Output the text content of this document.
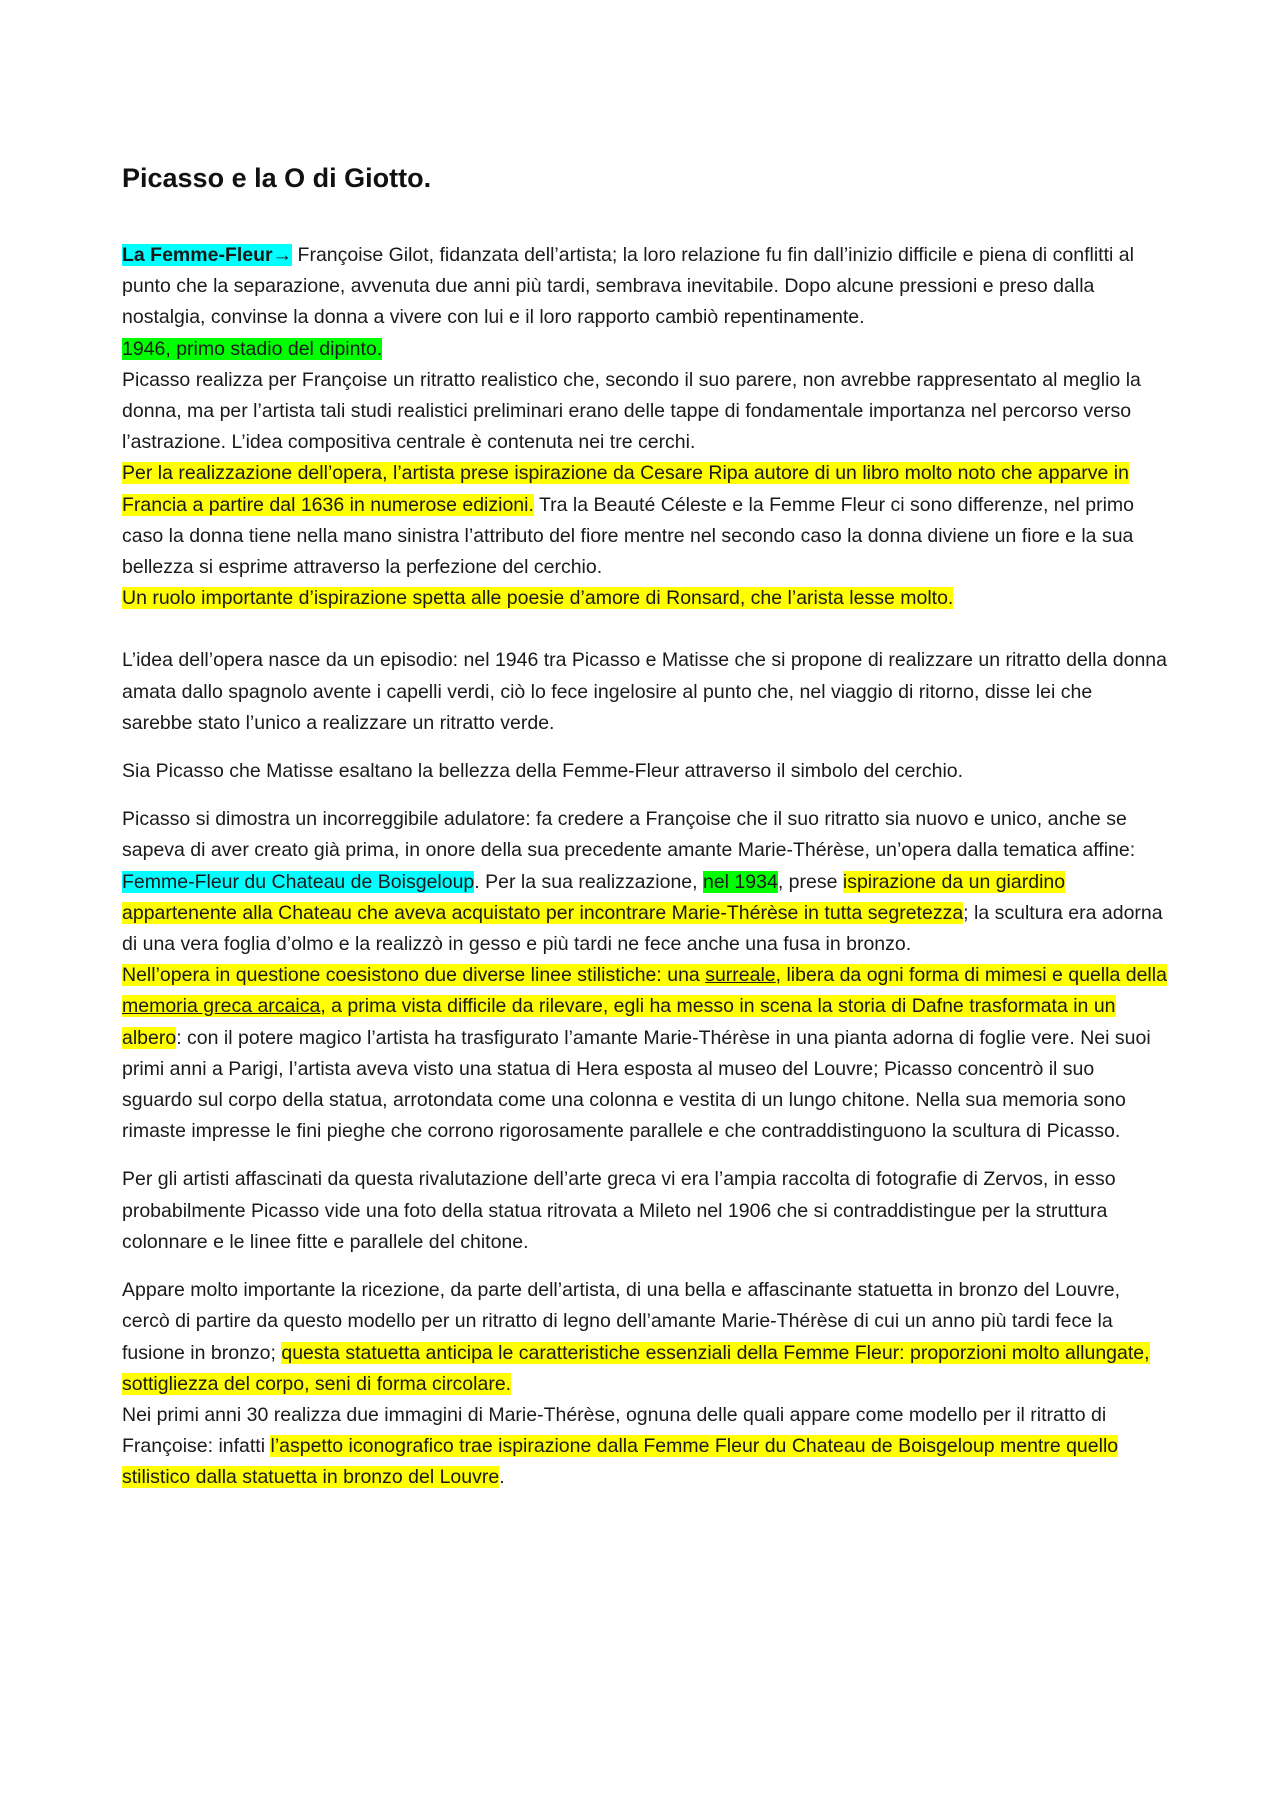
Picasso e la O di Giotto.

La Femme-Fleur→ Françoise Gilot, fidanzata dell’artista; la loro relazione fu fin dall’inizio difficile e piena di conflitti al punto che la separazione, avvenuta due anni più tardi, sembrava inevitabile. Dopo alcune pressioni e preso dalla nostalgia, convinse la donna a vivere con lui e il loro rapporto cambiò repentinamente.

1946, primo stadio del dipinto.

Picasso realizza per Françoise un ritratto realistico che, secondo il suo parere, non avrebbe rappresentato al meglio la donna, ma per l’artista tali studi realistici preliminari erano delle tappe di fondamentale importanza nel percorso verso l’astrazione. L’idea compositiva centrale è contenuta nei tre cerchi.

Per la realizzazione dell’opera, l’artista prese ispirazione da Cesare Ripa autore di un libro molto noto che apparve in Francia a partire dal 1636 in numerose edizioni. Tra la Beauté Céleste e la Femme Fleur ci sono differenze, nel primo caso la donna tiene nella mano sinistra l’attributo del fiore mentre nel secondo caso la donna diviene un fiore e la sua bellezza si esprime attraverso la perfezione del cerchio.

Un ruolo importante d’ispirazione spetta alle poesie d’amore di Ronsard, che l’arista lesse molto.

L’idea dell’opera nasce da un episodio: nel 1946 tra Picasso e Matisse che si propone di realizzare un ritratto della donna amata dallo spagnolo avente i capelli verdi, ciò lo fece ingelosire al punto che, nel viaggio di ritorno, disse lei che sarebbe stato l’unico a realizzare un ritratto verde.

Sia Picasso che Matisse esaltano la bellezza della Femme-Fleur attraverso il simbolo del cerchio.

Picasso si dimostra un incorreggibile adulatore: fa credere a Françoise che il suo ritratto sia nuovo e unico, anche se sapeva di aver creato già prima, in onore della sua precedente amante Marie-Thérèse, un’opera dalla tematica affine: Femme-Fleur du Chateau de Boisgeloup. Per la sua realizzazione, nel 1934, prese ispirazione da un giardino appartenente alla Chateau che aveva acquistato per incontrare Marie-Thérèse in tutta segretezza; la scultura era adorna di una vera foglia d’olmo e la realizzò in gesso e più tardi ne fece anche una fusa in bronzo.

Nell’opera in questione coesistono due diverse linee stilistiche: una surreale, libera da ogni forma di mimesi e quella della memoria greca arcaica, a prima vista difficile da rilevare, egli ha messo in scena la storia di Dafne trasformata in un albero: con il potere magico l’artista ha trasfigurato l’amante Marie-Thérèse in una pianta adorna di foglie vere. Nei suoi primi anni a Parigi, l’artista aveva visto una statua di Hera esposta al museo del Louvre; Picasso concentrò il suo sguardo sul corpo della statua, arrotondata come una colonna e vestita di un lungo chitone. Nella sua memoria sono rimaste impresse le fini pieghe che corrono rigorosamente parallele e che contraddistinguono la scultura di Picasso.

Per gli artisti affascinati da questa rivalutazione dell’arte greca vi era l’ampia raccolta di fotografie di Zervos, in esso probabilmente Picasso vide una foto della statua ritrovata a Mileto nel 1906 che si contraddistingue per la struttura colonnare e le linee fitte e parallele del chitone.

Appare molto importante la ricezione, da parte dell’artista, di una bella e affascinante statuetta in bronzo del Louvre, cercò di partire da questo modello per un ritratto di legno dell’amante Marie-Thérèse di cui un anno più tardi fece la fusione in bronzo; questa statuetta anticipa le caratteristiche essenziali della Femme Fleur: proporzioni molto allungate, sottigliezza del corpo, seni di forma circolare.

Nei primi anni 30 realizza due immagini di Marie-Thérèse, ognuna delle quali appare come modello per il ritratto di Françoise: infatti l’aspetto iconografico trae ispirazione dalla Femme Fleur du Chateau de Boisgeloup mentre quello stilistico dalla statuetta in bronzo del Louvre.
